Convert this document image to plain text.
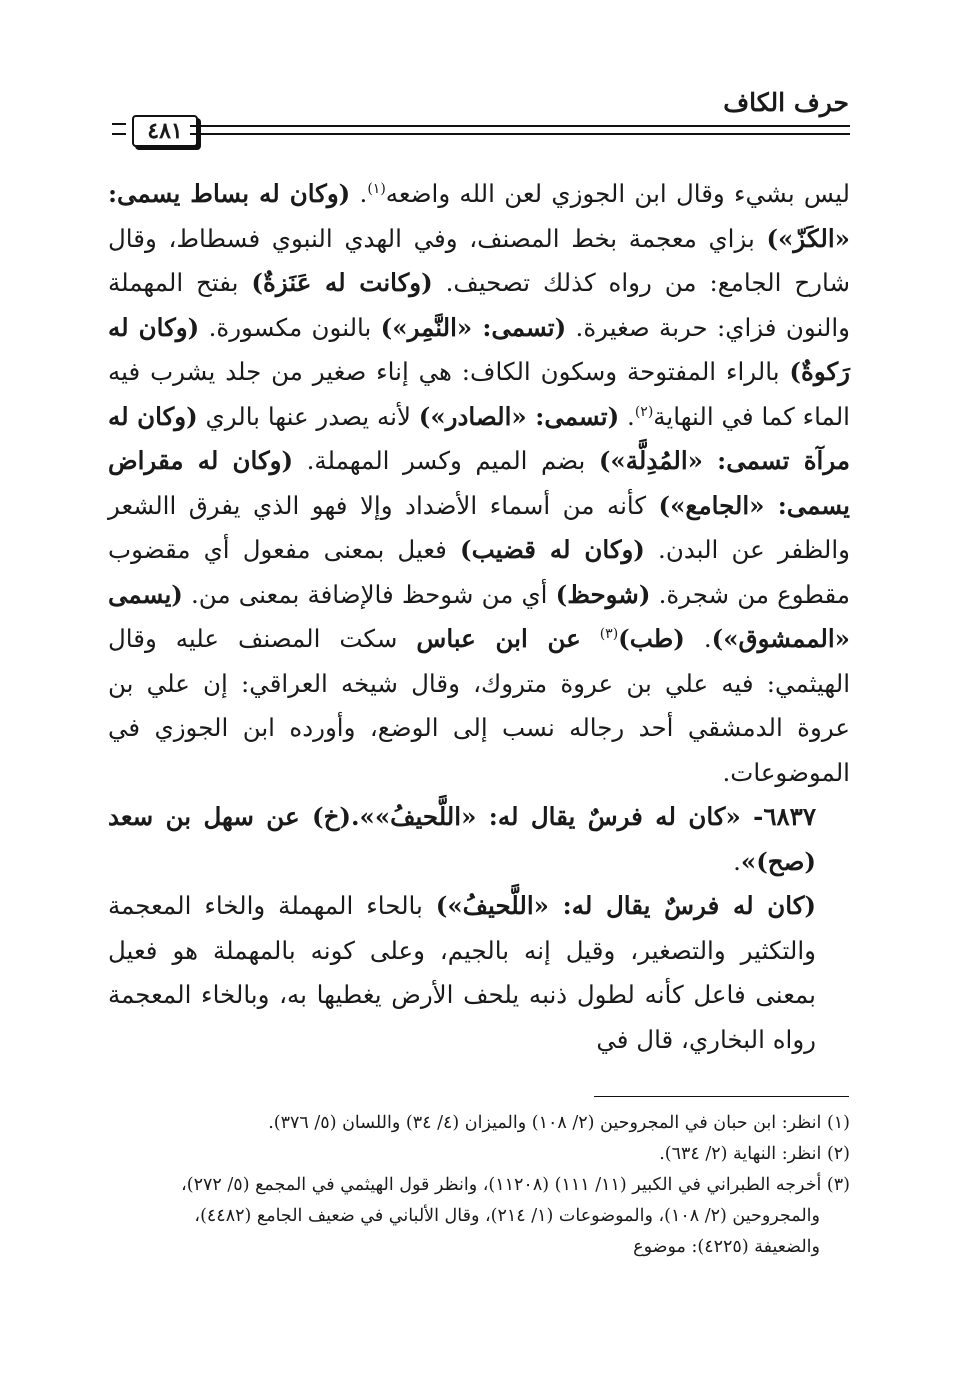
حرف الكاف
٤٨١

ليس بشيء وقال ابن الجوزي لعن الله واضعه$^{(١)}$. (وكان له بساط يسمى: «الكَزّ») بزاي معجمة بخط المصنف، وفي الهدي النبوي فسطاط، وقال شارح الجامع: من رواه كذلك تصحيف. (وكانت له عَنَزةٌ) بفتح المهملة والنون فزاي: حربة صغيرة. (تسمى: «النَّمِر») بالنون مكسورة. (وكان له رَكوةٌ) بالراء المفتوحة وسكون الكاف: هي إناء صغير من جلد يشرب فيه الماء كما في النهاية$^{(٢)}$. (تسمى: «الصادر») لأنه يصدر عنها بالري (وكان له مرآة تسمى: «المُدِلَّة») بضم الميم وكسر المهملة. (وكان له مقراض يسمى: «الجامع») كأنه من أسماء الأضداد وإلا فهو الذي يفرق االشعر والظفر عن البدن. (وكان له قضيب) فعيل بمعنى مفعول أي مقضوب مقطوع من شجرة. (شوحظ) أي من شوحظ فالإضافة بمعنى من. (يسمى «الممشوق»). (طب)$^{(٣)}$ عن ابن عباس سكت المصنف عليه وقال الهيثمي: فيه علي بن عروة متروك، وقال شيخه العراقي: إن علي بن عروة الدمشقي أحد رجاله نسب إلى الوضع، وأورده ابن الجوزي في الموضوعات.

٦٨٣٧- «كان له فرسٌ يقال له: «اللَّحيفُ»».(خ) عن سهل بن سعد (صح)».

(كان له فرسٌ يقال له: «اللَّحيفُ») بالحاء المهملة والخاء المعجمة والتكثير والتصغير، وقيل إنه بالجيم، وعلى كونه بالمهملة هو فعيل بمعنى فاعل كأنه لطول ذنبه يلحف الأرض يغطيها به، وبالخاء المعجمة رواه البخاري، قال في

(١) انظر: ابن حبان في المجروحين (٢/ ١٠٨) والميزان (٤/ ٣٤) واللسان (٥/ ٣٧٦).

(٢) انظر: النهاية (٢/ ٦٣٤).

(٣) أخرجه الطبراني في الكبير (١١/ ١١١) (١١٢٠٨)، وانظر قول الهيثمي في المجمع (٥/ ٢٧٢)،

والمجروحين (٢/ ١٠٨)، والموضوعات (١/ ٢١٤)، وقال الألباني في ضعيف الجامع (٤٤٨٢)،

والضعيفة (٤٢٢٥): موضوع
